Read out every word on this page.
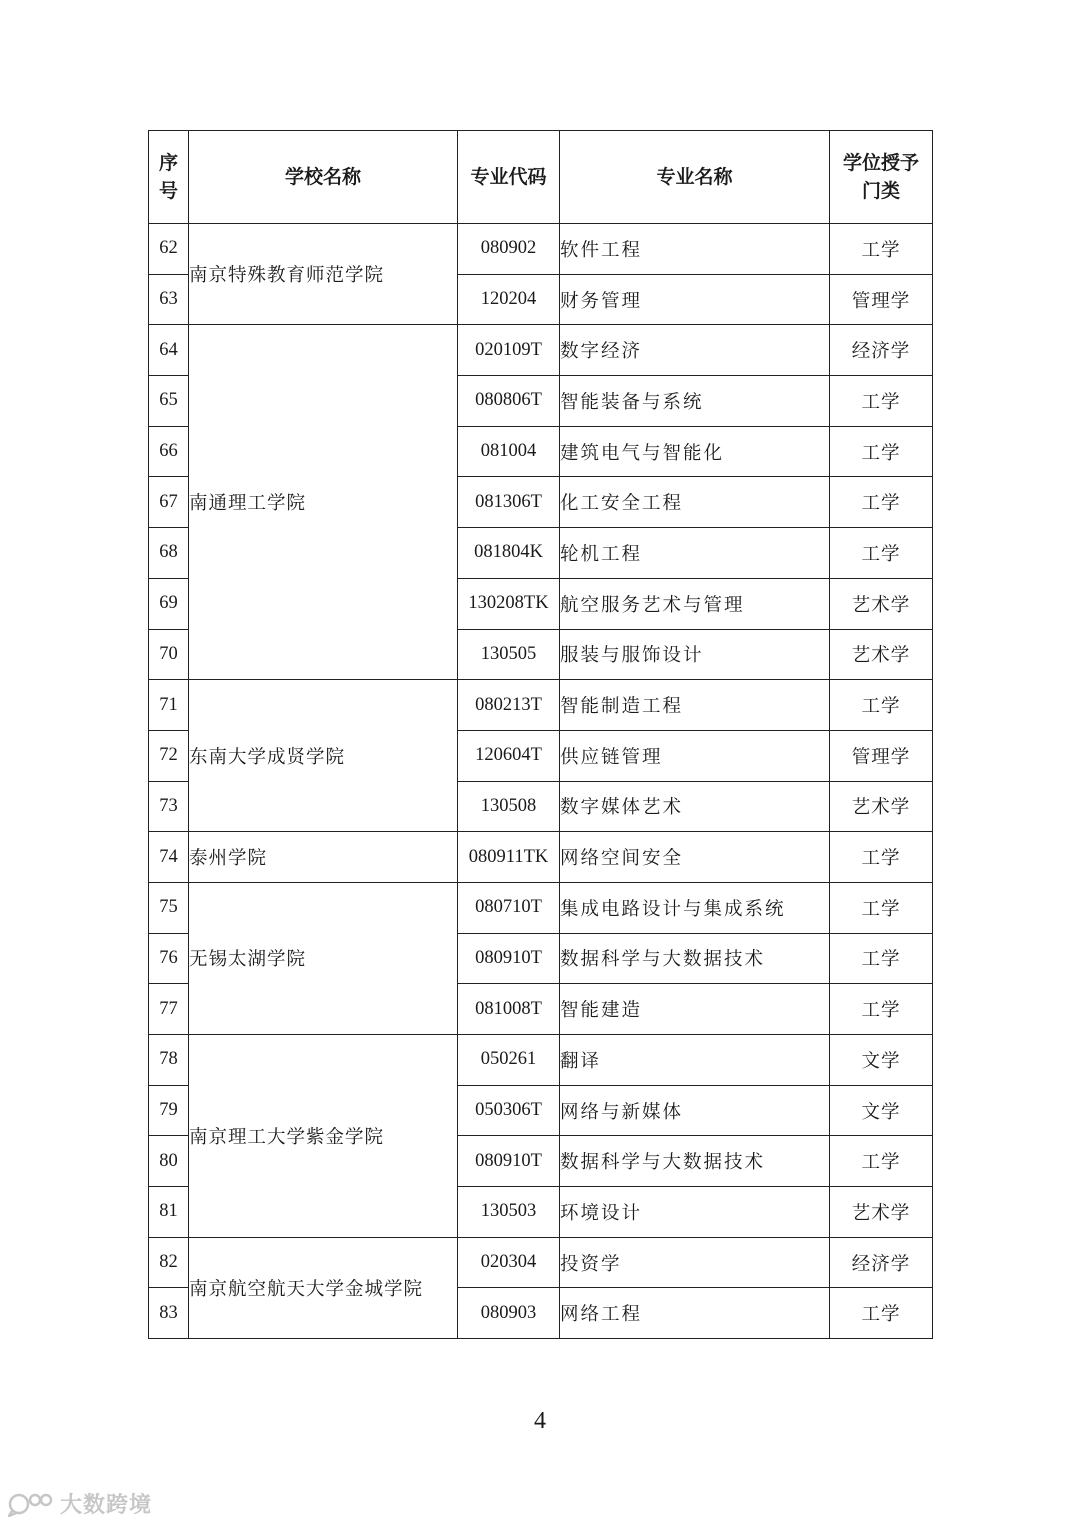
序号	学校名称	专业代码	专业名称	学位授予门类
62	南京特殊教育师范学院	080902	软件工程	工学
63		120204	财务管理	管理学
64	南通理工学院	020109T	数字经济	经济学
65		080806T	智能装备与系统	工学
66		081004	建筑电气与智能化	工学
67		081306T	化工安全工程	工学
68		081804K	轮机工程	工学
69		130208TK	航空服务艺术与管理	艺术学
70		130505	服装与服饰设计	艺术学
71	东南大学成贤学院	080213T	智能制造工程	工学
72		120604T	供应链管理	管理学
73		130508	数字媒体艺术	艺术学
74	泰州学院	080911TK	网络空间安全	工学
75	无锡太湖学院	080710T	集成电路设计与集成系统	工学
76		080910T	数据科学与大数据技术	工学
77		081008T	智能建造	工学
78	南京理工大学紫金学院	050261	翻译	文学
79		050306T	网络与新媒体	文学
80		080910T	数据科学与大数据技术	工学
81		130503	环境设计	艺术学
82	南京航空航天大学金城学院	020304	投资学	经济学
83		080903	网络工程	工学
4
大数跨境
